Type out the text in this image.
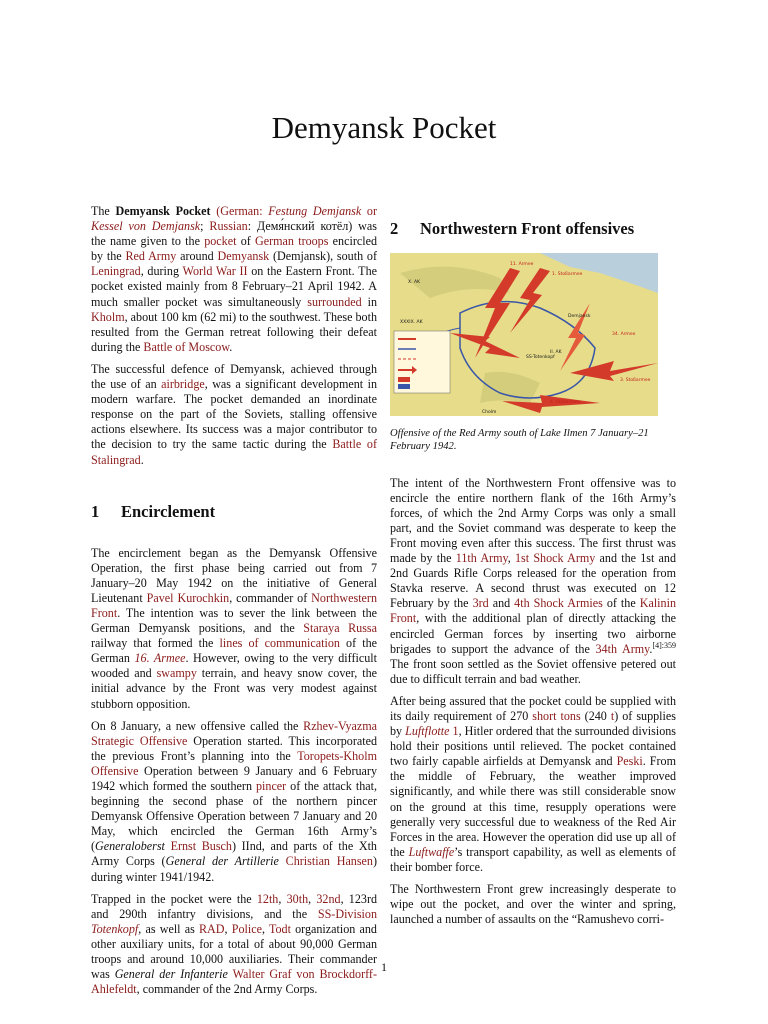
Demyansk Pocket

The Demyansk Pocket (German: Festung Demjansk or Kessel von Demjansk; Russian: Демя́нский котёл) was the name given to the pocket of German troops encircled by the Red Army around Demyansk (Demjansk), south of Leningrad, during World War II on the Eastern Front. The pocket existed mainly from 8 February–21 April 1942. A much smaller pocket was simultaneously surrounded in Kholm, about 100 km (62 mi) to the southwest. These both resulted from the German retreat following their defeat during the Battle of Moscow.

The successful defence of Demyansk, achieved through the use of an airbridge, was a significant development in modern warfare. The pocket demanded an inordinate response on the part of the Soviets, stalling offensive actions elsewhere. Its success was a major contributor to the decision to try the same tactic during the Battle of Stalingrad.

1 Encirclement

The encirclement began as the Demyansk Offensive Operation, the first phase being carried out from 7 January–20 May 1942 on the initiative of General Lieutenant Pavel Kurochkin, commander of Northwestern Front. The intention was to sever the link between the German Demyansk positions, and the Staraya Russa railway that formed the lines of communication of the German 16. Armee. However, owing to the very difficult wooded and swampy terrain, and heavy snow cover, the initial advance by the Front was very modest against stubborn opposition.

On 8 January, a new offensive called the Rzhev-Vyazma Strategic Offensive Operation started. This incorporated the previous Front’s planning into the Toropets-Kholm Offensive Operation between 9 January and 6 February 1942 which formed the southern pincer of the attack that, beginning the second phase of the northern pincer Demyansk Offensive Operation between 7 January and 20 May, which encircled the German 16th Army’s (Generaloberst Ernst Busch) IInd, and parts of the Xth Army Corps (General der Artillerie Christian Hansen) during winter 1941/1942.

Trapped in the pocket were the 12th, 30th, 32nd, 123rd and 290th infantry divisions, and the SS-Division Totenkopf, as well as RAD, Police, Todt organization and other auxiliary units, for a total of about 90,000 German troops and around 10,000 auxiliaries. Their commander was General der Infanterie Walter Graf von Brockdorff-Ahlefeldt, commander of the 2nd Army Corps.

2 Northwestern Front offensives
X. AK
II. AK
XXXIX. AK
Demjansk
Cholm
SS-Totenkopf
11. Armee
1. Stoßarmee
34. Armee
3. Stoßarmee
4. Stoßarmee
Offensive of the Red Army south of Lake Ilmen 7 January–21 February 1942.

The intent of the Northwestern Front offensive was to encircle the entire northern flank of the 16th Army’s forces, of which the 2nd Army Corps was only a small part, and the Soviet command was desperate to keep the Front moving even after this success. The first thrust was made by the 11th Army, 1st Shock Army and the 1st and 2nd Guards Rifle Corps released for the operation from Stavka reserve. A second thrust was executed on 12 February by the 3rd and 4th Shock Armies of the Kalinin Front, with the additional plan of directly attacking the encircled German forces by inserting two airborne brigades to support the advance of the 34th Army.$^{[4]:359}$ The front soon settled as the Soviet offensive petered out due to difficult terrain and bad weather.

After being assured that the pocket could be supplied with its daily requirement of 270 short tons (240 t) of supplies by Luftflotte 1, Hitler ordered that the surrounded divisions hold their positions until relieved. The pocket contained two fairly capable airfields at Demyansk and Peski. From the middle of February, the weather improved significantly, and while there was still considerable snow on the ground at this time, resupply operations were generally very successful due to weakness of the Red Air Forces in the area. However the operation did use up all of the Luftwaffe’s transport capability, as well as elements of their bomber force.

The Northwestern Front grew increasingly desperate to wipe out the pocket, and over the winter and spring, launched a number of assaults on the “Ramushevo corri-

1
